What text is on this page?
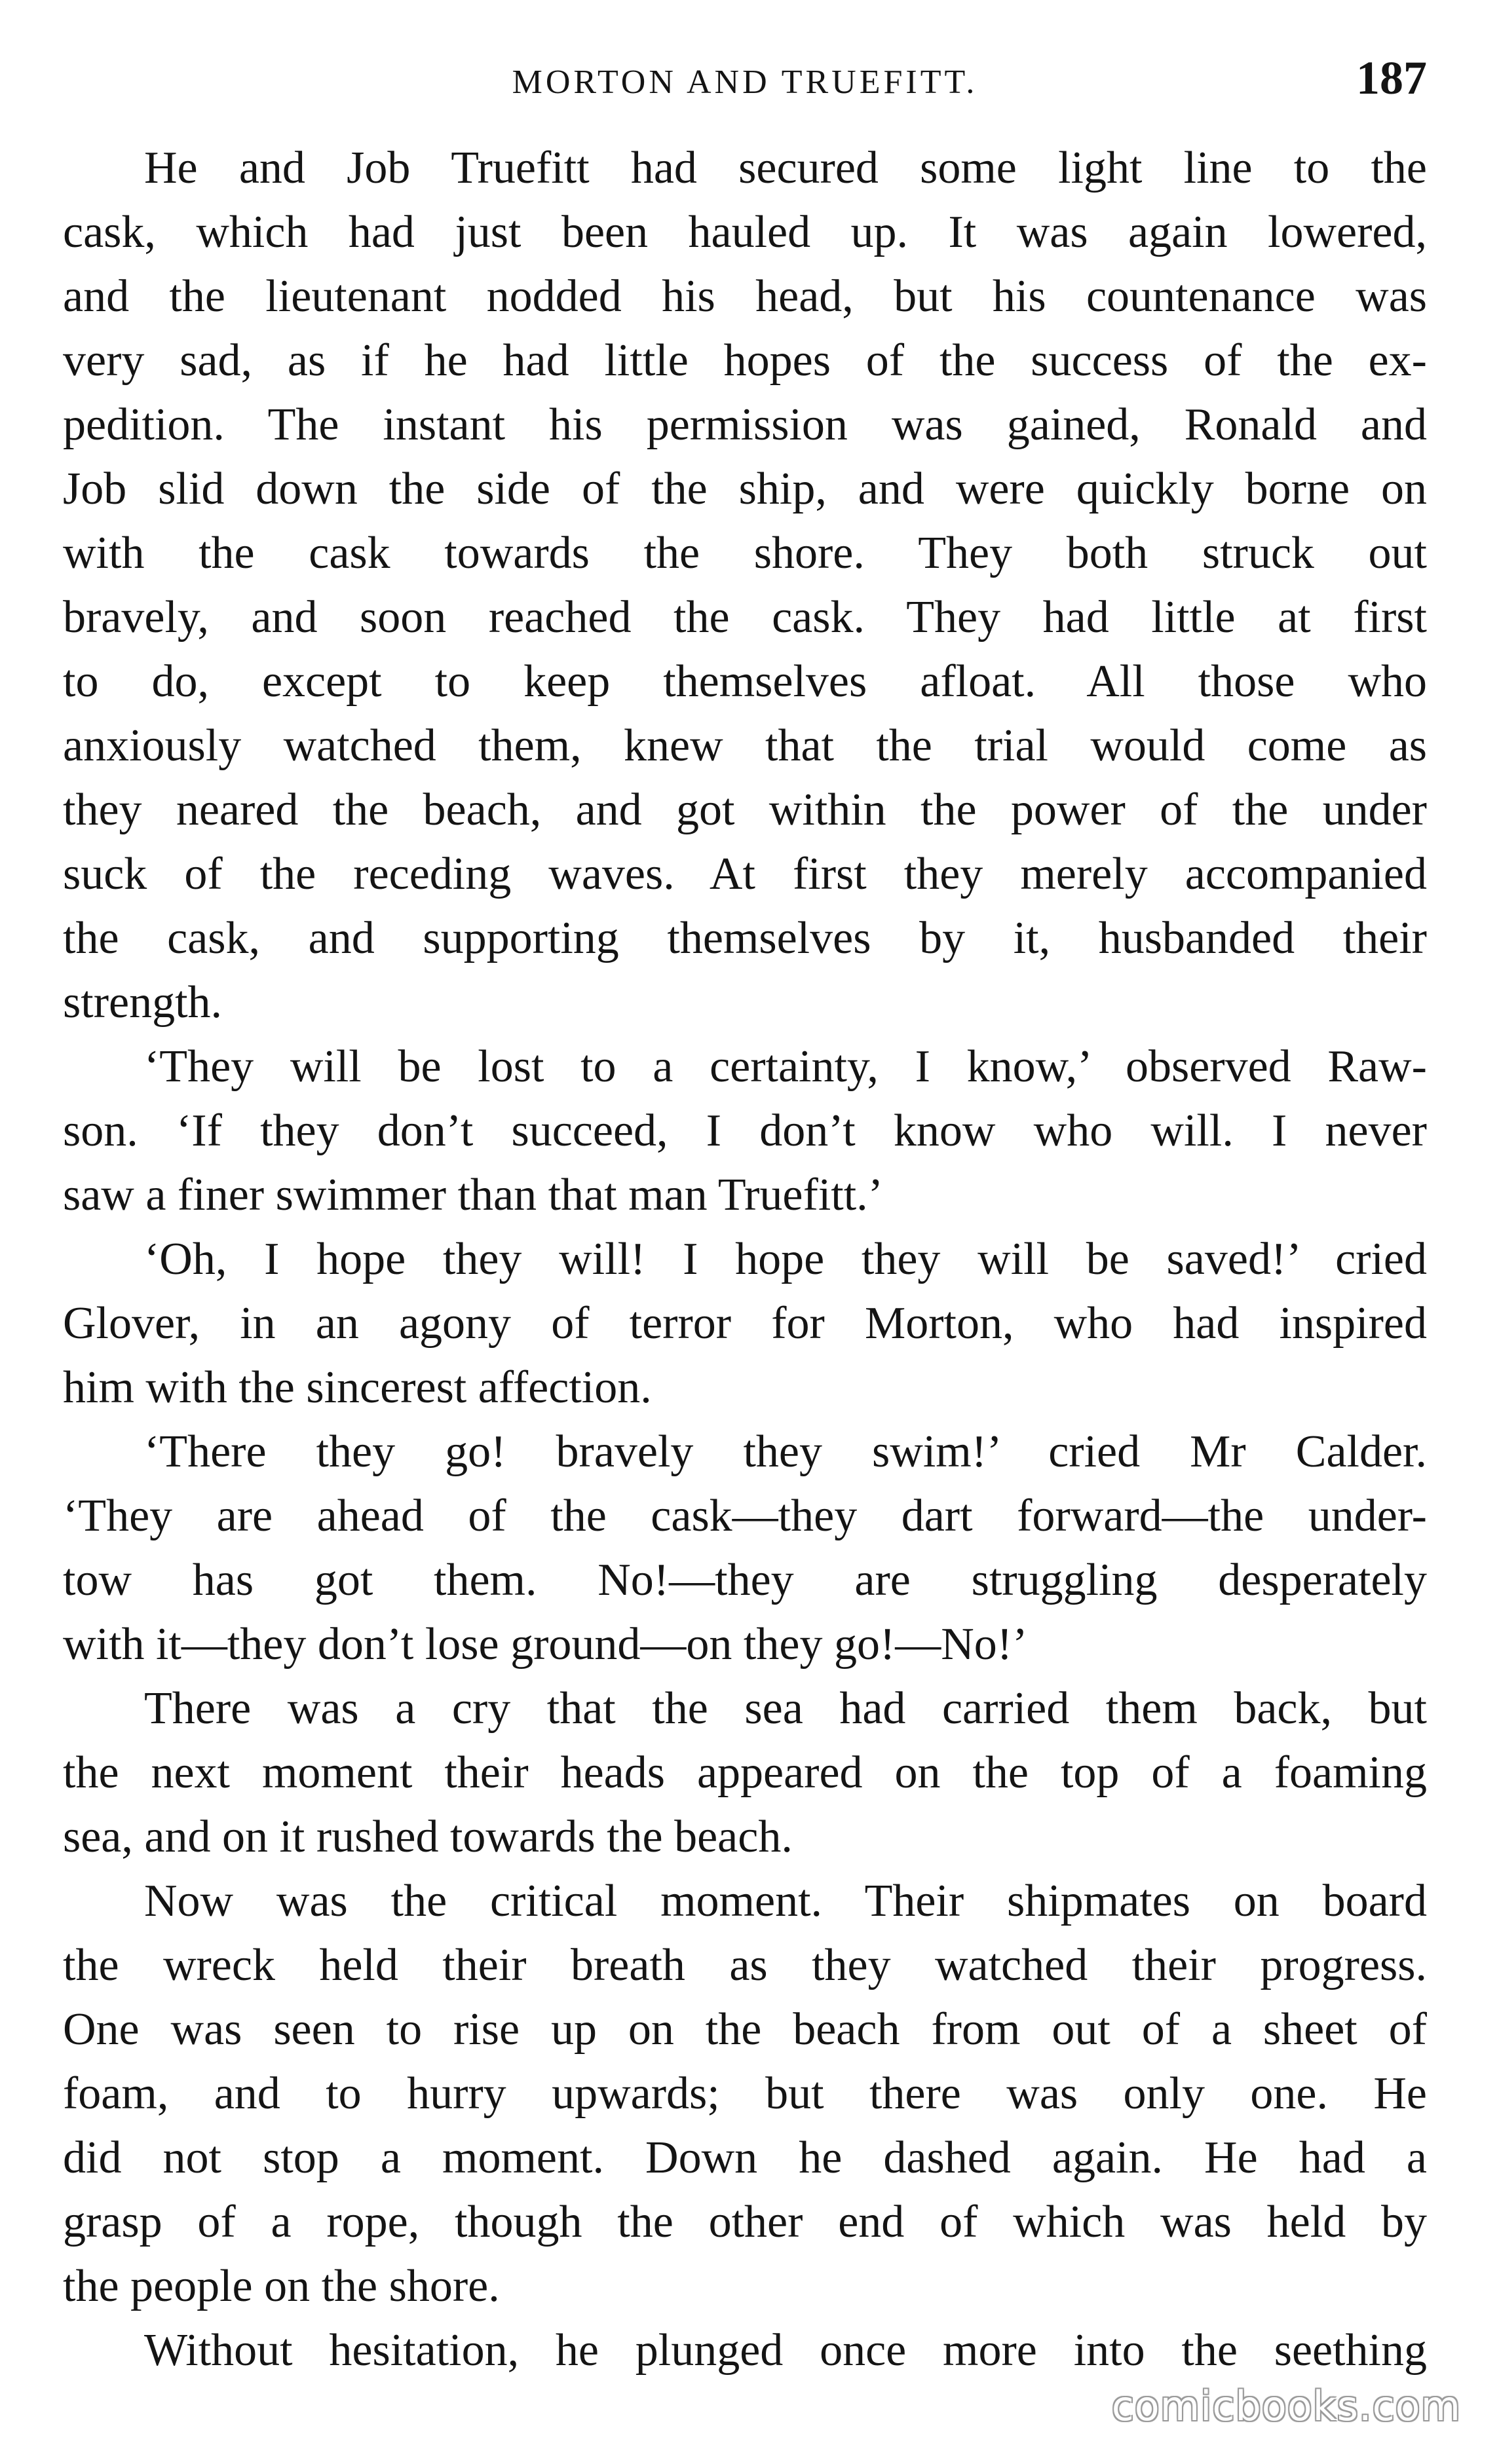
MORTON AND TRUEFITT.	187
He and Job Truefitt had secured some light line to the
cask, which had just been hauled up. It was again lowered,
and the lieutenant nodded his head, but his countenance was
very sad, as if he had little hopes of the success of the ex-
pedition. The instant his permission was gained, Ronald and
Job slid down the side of the ship, and were quickly borne on
with the cask towards the shore. They both struck out
bravely, and soon reached the cask. They had little at first
to do, except to keep themselves afloat. All those who
anxiously watched them, knew that the trial would come as
they neared the beach, and got within the power of the under
suck of the receding waves. At first they merely accompanied
the cask, and supporting themselves by it, husbanded their
strength.
‘They will be lost to a certainty, I know,’ observed Raw-
son. ‘If they don’t succeed, I don’t know who will. I never
saw a finer swimmer than that man Truefitt.’
‘Oh, I hope they will! I hope they will be saved!’ cried
Glover, in an agony of terror for Morton, who had inspired
him with the sincerest affection.
‘There they go! bravely they swim!’ cried Mr Calder.
‘They are ahead of the cask—they dart forward—the under-
tow has got them. No!—they are struggling desperately
with it—they don’t lose ground—on they go!—No!’
There was a cry that the sea had carried them back, but
the next moment their heads appeared on the top of a foaming
sea, and on it rushed towards the beach.
Now was the critical moment. Their shipmates on board
the wreck held their breath as they watched their progress.
One was seen to rise up on the beach from out of a sheet of
foam, and to hurry upwards; but there was only one. He
did not stop a moment. Down he dashed again. He had a
grasp of a rope, though the other end of which was held by
the people on the shore.
Without hesitation, he plunged once more into the seething
comicbooks.com
